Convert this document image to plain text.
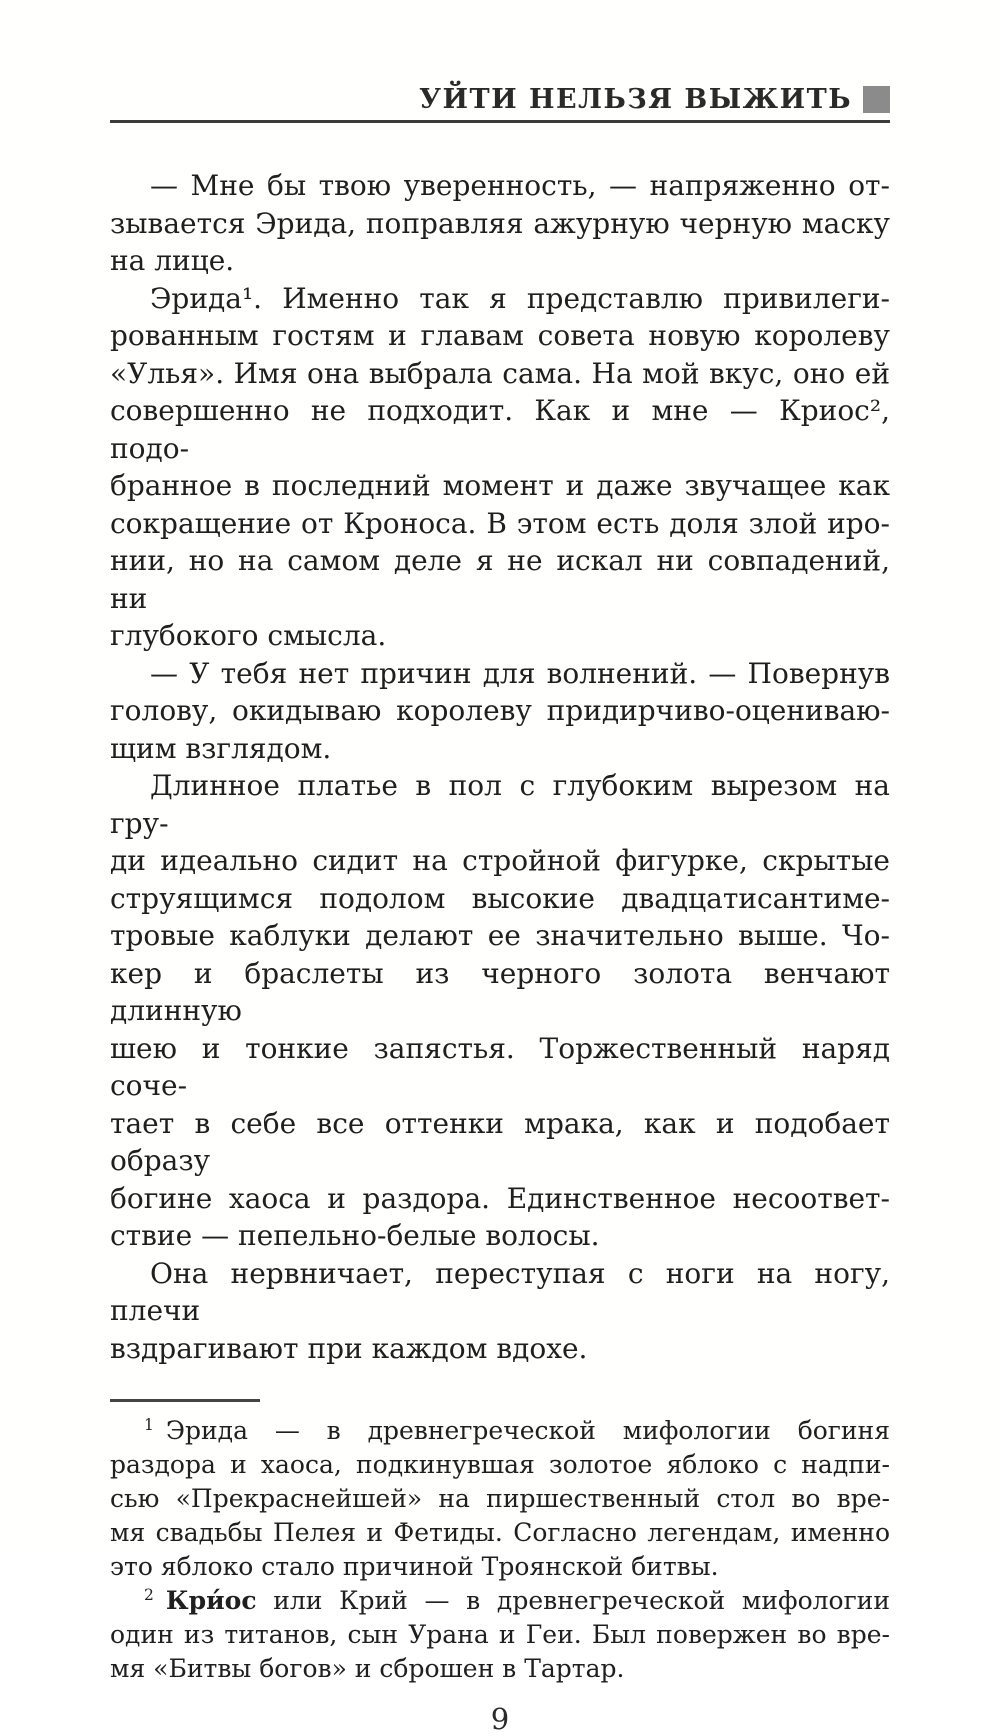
УЙТИ НЕЛЬЗЯ ВЫЖИТЬ
— Мне бы твою уверенность, — напряженно от-
зывается Эрида, поправляя ажурную черную маску
на лице.
Эрида¹. Именно так я представлю привилеги-
рованным гостям и главам совета новую королеву
«Улья». Имя она выбрала сама. На мой вкус, оно ей
совершенно не подходит. Как и мне — Криос², подо-
бранное в последний момент и даже звучащее как
сокращение от Кроноса. В этом есть доля злой иро-
нии, но на самом деле я не искал ни совпадений, ни
глубокого смысла.
— У тебя нет причин для волнений. — Повернув
голову, окидываю королеву придирчиво-оцениваю-
щим взглядом.
Длинное платье в пол с глубоким вырезом на гру-
ди идеально сидит на стройной фигурке, скрытые
струящимся подолом высокие двадцатисантиме-
тровые каблуки делают ее значительно выше. Чо-
кер и браслеты из черного золота венчают длинную
шею и тонкие запястья. Торжественный наряд соче-
тает в себе все оттенки мрака, как и подобает образу
богине хаоса и раздора. Единственное несоответ-
ствие — пепельно-белые волосы.
Она нервничает, переступая с ноги на ногу, плечи
вздрагивают при каждом вдохе.
$^1$ Эрида — в древнегреческой мифологии богиня
раздора и хаоса, подкинувшая золотое яблоко с надпи-
сью «Прекраснейшей» на пиршественный стол во вре-
мя свадьбы Пелея и Фетиды. Согласно легендам, именно
это яблоко стало причиной Троянской битвы.
$^2$ Кри́ос или Крий — в древнегреческой мифологии
один из титанов, сын Урана и Геи. Был повержен во вре-
мя «Битвы богов» и сброшен в Тартар.
9
